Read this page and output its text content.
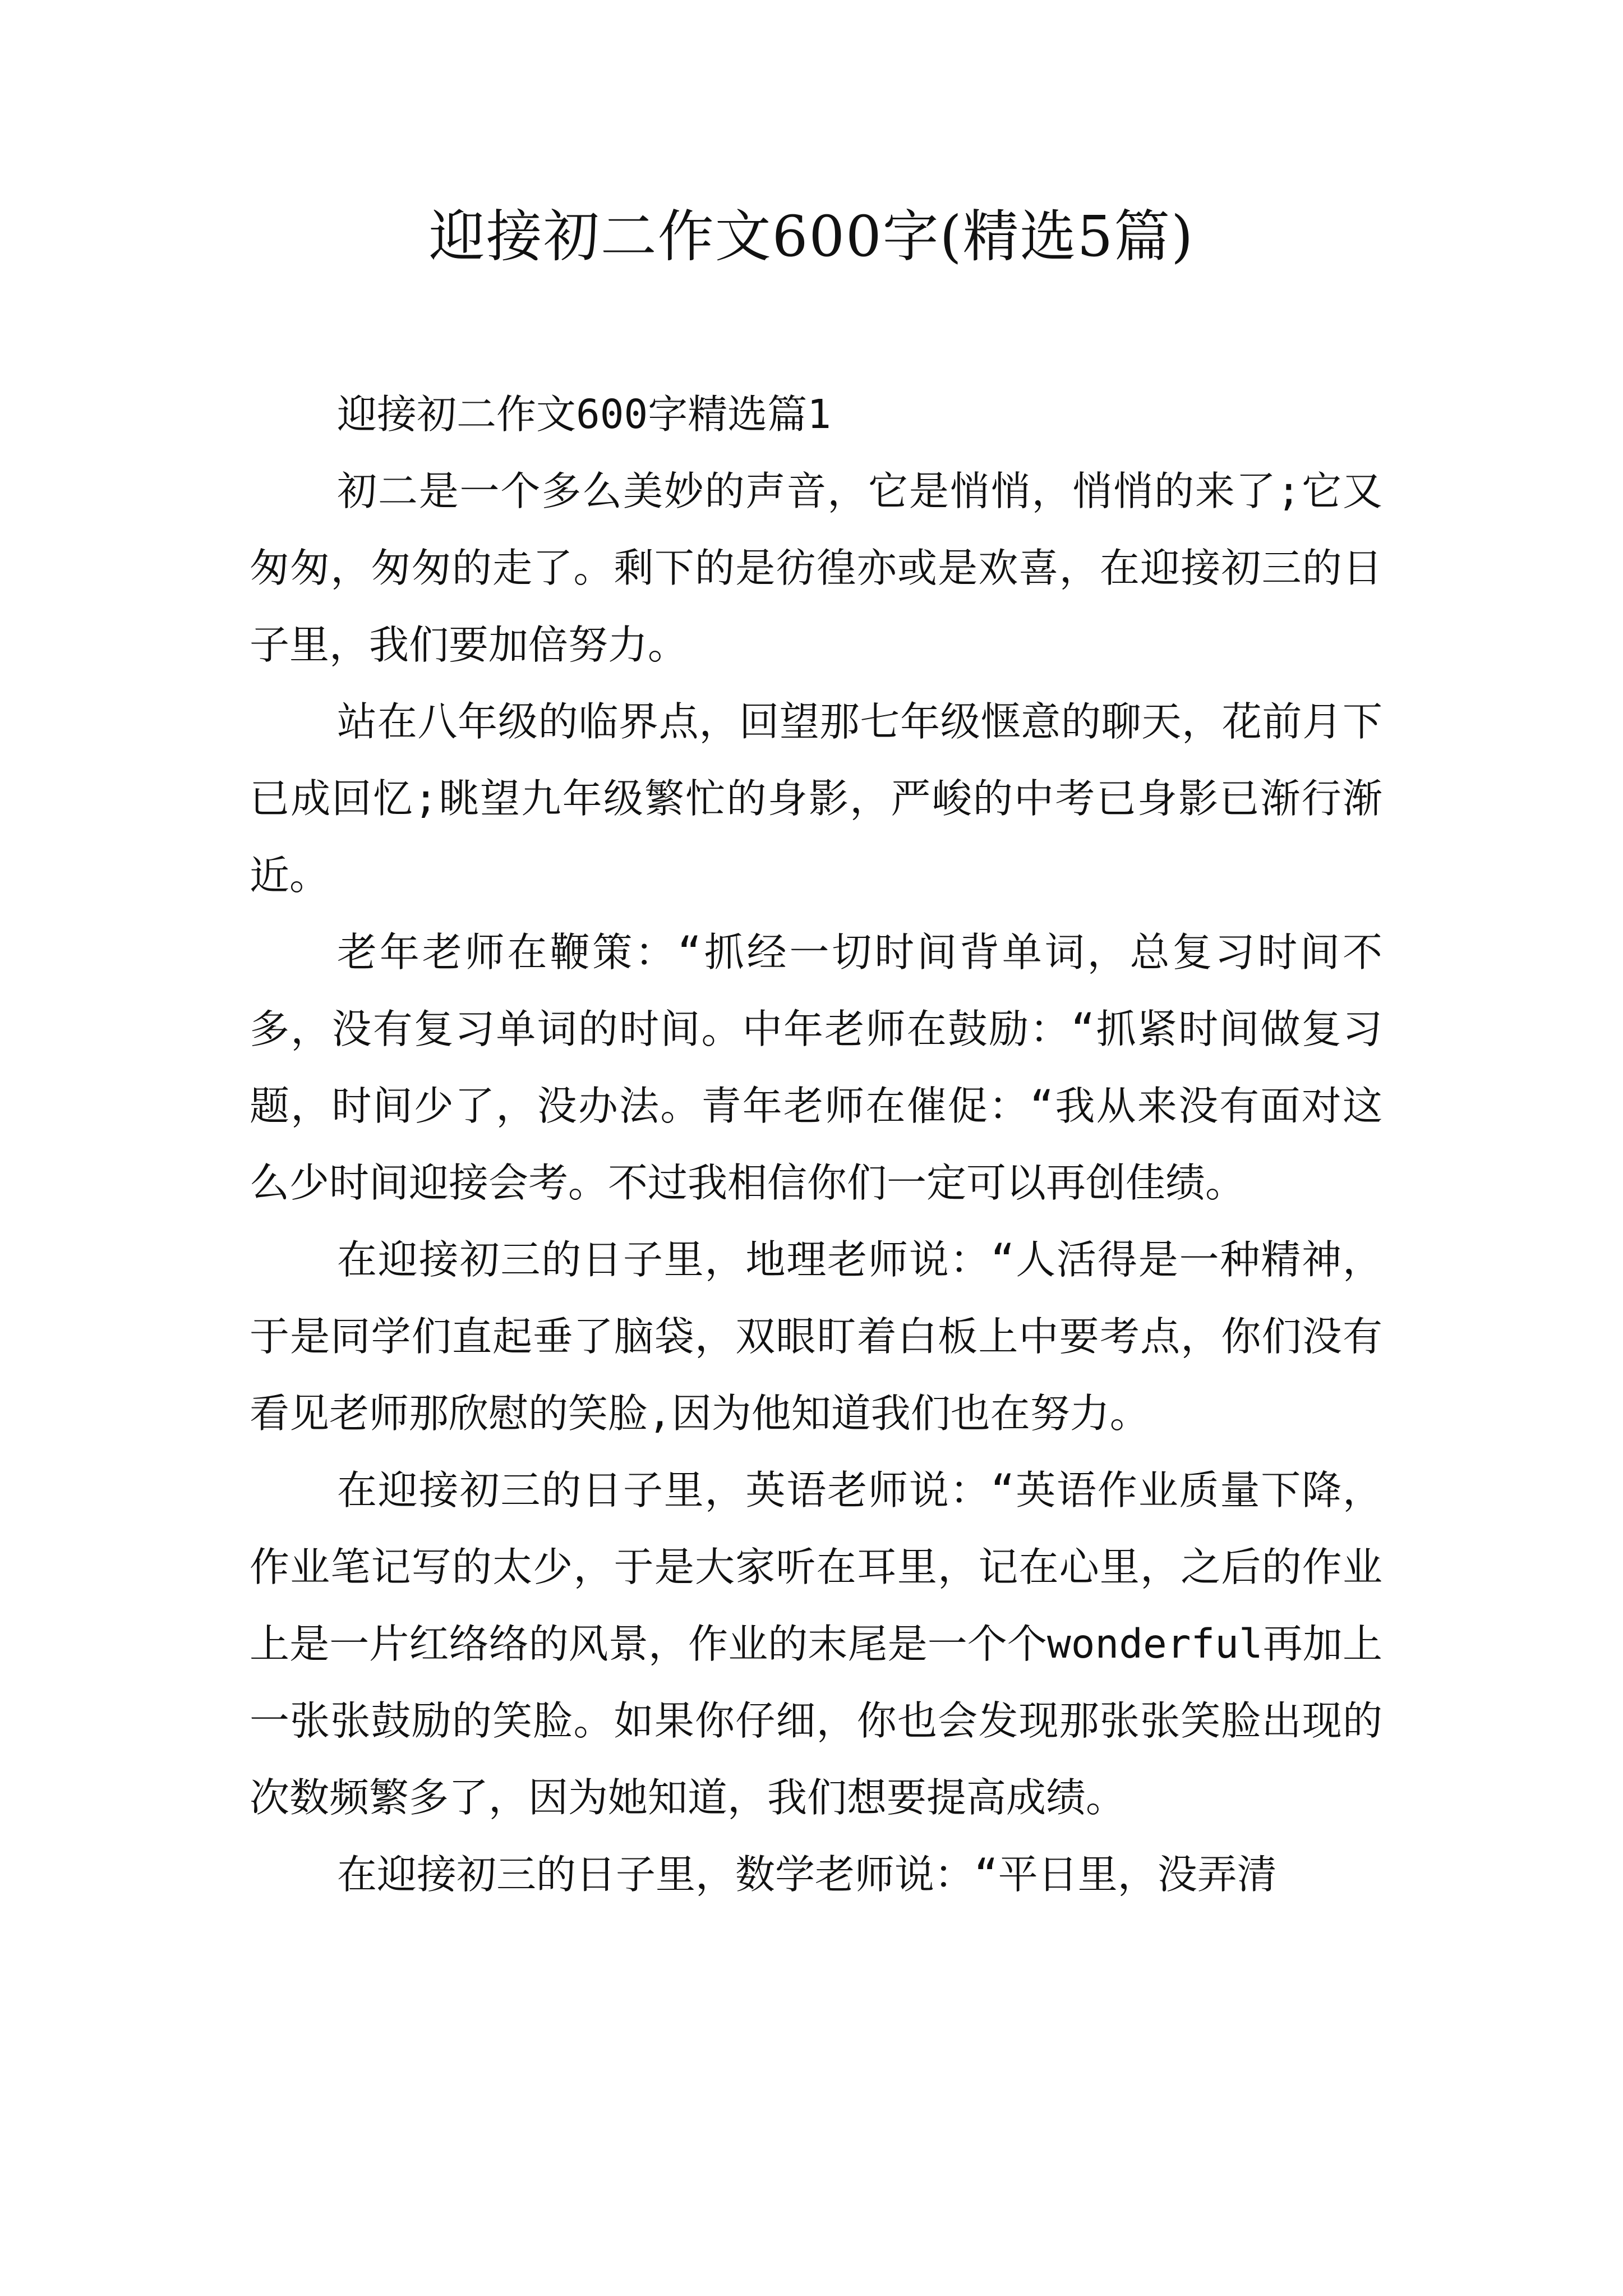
迎接初二作文600字(精选5篇)

迎接初二作文600字精选篇1

初二是一个多么美妙的声音，它是悄悄，悄悄的来了;它又匆匆，匆匆的走了。剩下的是彷徨亦或是欢喜，在迎接初三的日子里，我们要加倍努力。

站在八年级的临界点，回望那七年级惬意的聊天，花前月下已成回忆;眺望九年级繁忙的身影，严峻的中考已身影已渐行渐近。

老年老师在鞭策：“抓经一切时间背单词，总复习时间不多，没有复习单词的时间。中年老师在鼓励：“抓紧时间做复习题，时间少了，没办法。青年老师在催促：“我从来没有面对这么少时间迎接会考。不过我相信你们一定可以再创佳绩。

在迎接初三的日子里，地理老师说：“人活得是一种精神，于是同学们直起垂了脑袋，双眼盯着白板上中要考点，你们没有看见老师那欣慰的笑脸,因为他知道我们也在努力。

在迎接初三的日子里，英语老师说：“英语作业质量下降，作业笔记写的太少，于是大家听在耳里，记在心里，之后的作业上是一片红络络的风景，作业的末尾是一个个wonderful再加上一张张鼓励的笑脸。如果你仔细，你也会发现那张张笑脸出现的次数频繁多了，因为她知道，我们想要提高成绩。

在迎接初三的日子里，数学老师说：“平日里，没弄清
